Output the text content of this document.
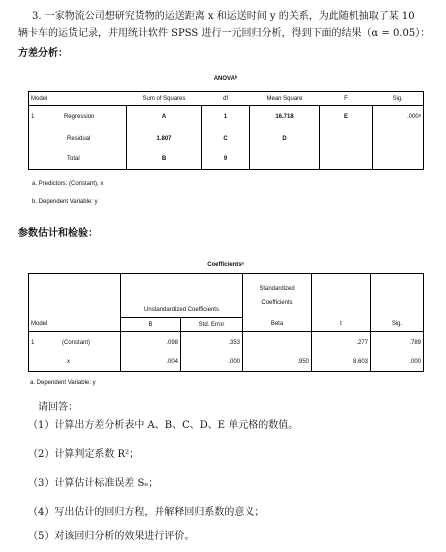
3. 一家物流公司想研究货物的运送距离 x 和运送时间 y 的关系，为此随机抽取了某 10
辆卡车的运货记录，并用统计软件 SPSS 进行一元回归分析，得到下面的结果（α = 0.05）：
方差分析：
ANOVAᵇ
Model	Sum of Squares	df	Mean Square	F	Sig.
1 Regression	A	1	16.718	E	.000ᵃ
Residual	1.807	C	D		
Total	B	9			
a. Predictors: (Constant), x
b. Dependent Variable: y
参数估计和检验：
Coefficientsᵃ
	Unstandardized Coefficients		Standardized
Coefficients		

Model	B	Std. Error	Beta	t	Sig.
1 (Constant)	.098	.353		.277	.789
x	.004	.000	.950	8.603	.000
a. Dependent Variable: y
请回答：
（1）计算出方差分析表中 A、B、C、D、E 单元格的数值。
（2）计算判定系数 R²；
（3）计算估计标准误差 Sₑ；
（4）写出估计的回归方程，并解释回归系数的意义；
（5）对该回归分析的效果进行评价。
